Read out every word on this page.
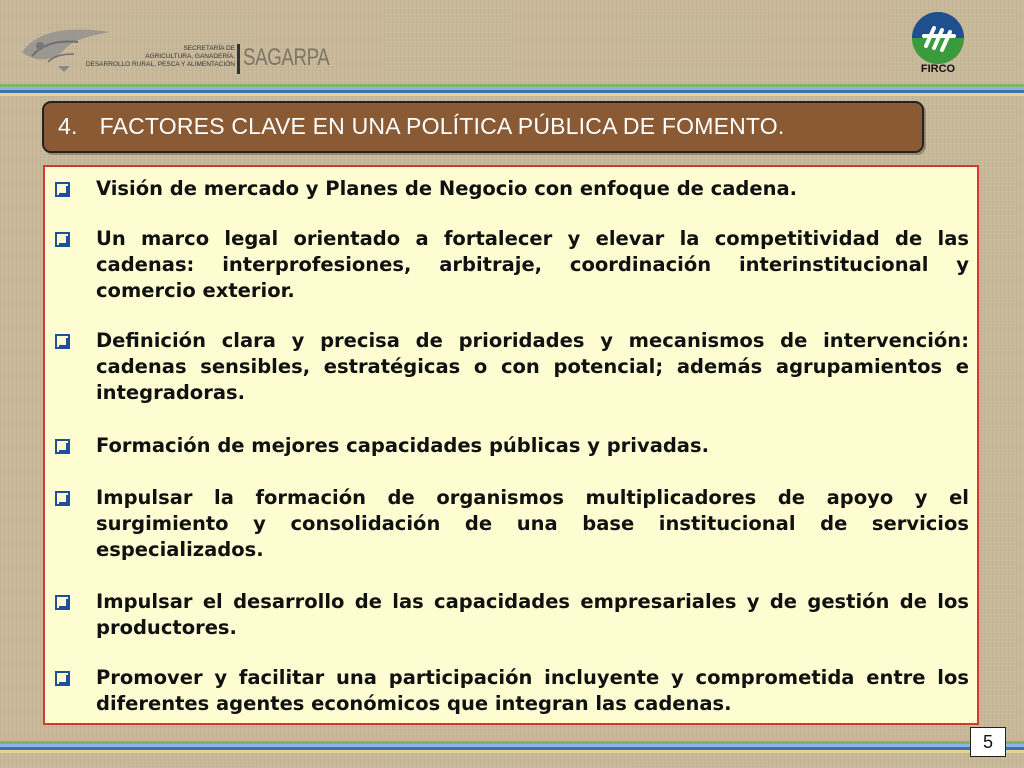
SECRETARÍA DE
AGRICULTURA, GANADERÍA,
DESARROLLO RURAL, PESCA Y ALIMENTACIÓN SAGARPA	FIRCO
4. FACTORES CLAVE EN UNA POLÍTICA PÚBLICA DE FOMENTO.
Visión de mercado y Planes de Negocio con enfoque de cadena.
Un marco legal orientado a fortalecer y elevar la competitividad de las cadenas: interprofesiones, arbitraje, coordinación interinstitucional y comercio exterior.
Definición clara y precisa de prioridades y mecanismos de intervención: cadenas sensibles, estratégicas o con potencial; además agrupamientos e integradoras.
Formación de mejores capacidades públicas y privadas.
Impulsar la formación de organismos multiplicadores de apoyo y el surgimiento y consolidación de una base institucional de servicios especializados.
Impulsar el desarrollo de las capacidades empresariales y de gestión de los productores.
Promover y facilitar una participación incluyente y comprometida entre los diferentes agentes económicos que integran las cadenas.
5
